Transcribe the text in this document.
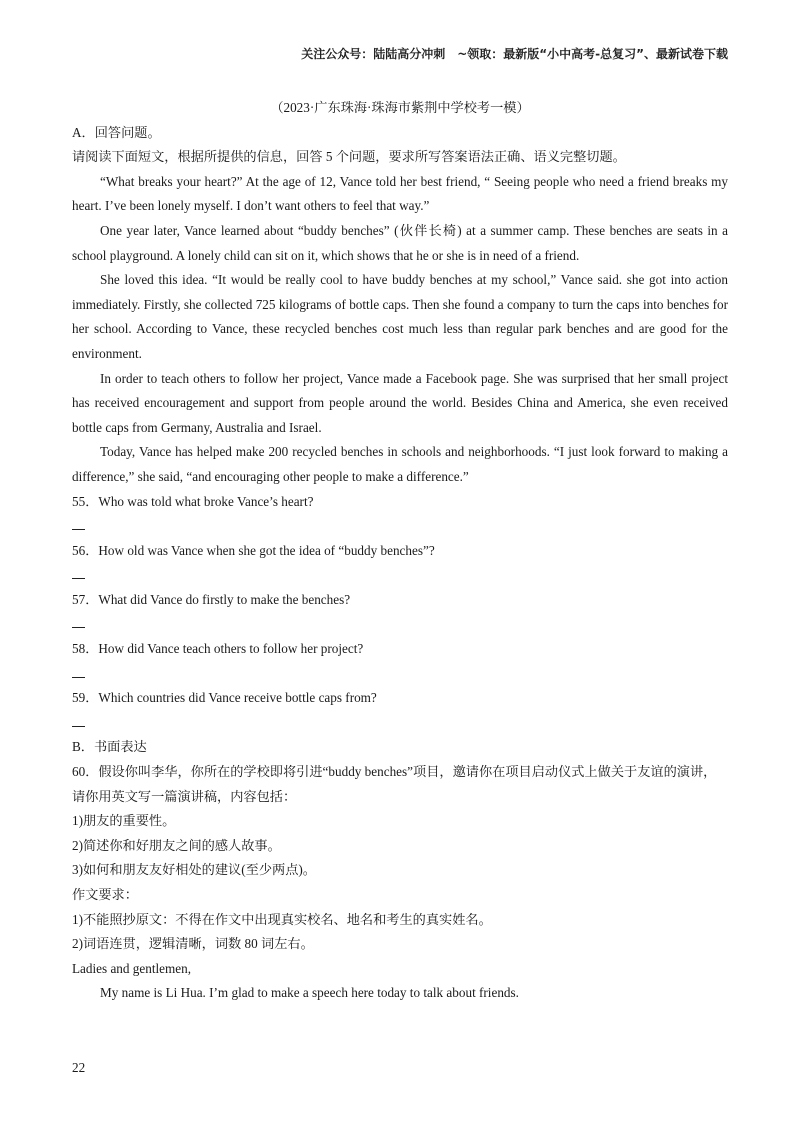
关注公众号：陆陆高分冲刺　~领取：最新版“小中高考-总复习”、最新试卷下载

（2023·广东珠海·珠海市紫荆中学校考一模）

A．回答问题。

请阅读下面短文，根据所提供的信息，回答 5 个问题，要求所写答案语法正确、语义完整切题。

“What breaks your heart?” At the age of 12, Vance told her best friend, “ Seeing people who need a friend breaks my heart. I’ve been lonely myself. I don’t want others to feel that way.”

One year later, Vance learned about “buddy benches” (伙伴长椅) at a summer camp. These benches are seats in a school playground. A lonely child can sit on it, which shows that he or she is in need of a friend.

She loved this idea. “It would be really cool to have buddy benches at my school,” Vance said. she got into action immediately. Firstly, she collected 725 kilograms of bottle caps. Then she found a company to turn the caps into benches for her school. According to Vance, these recycled benches cost much less than regular park benches and are good for the environment.

In order to teach others to follow her project, Vance made a Facebook page. She was surprised that her small project has received encouragement and support from people around the world. Besides China and America, she even received bottle caps from Germany, Australia and Israel.

Today, Vance has helped make 200 recycled benches in schools and neighborhoods. “I just look forward to making a difference,” she said, “and encouraging other people to make a difference.”

55．Who was told what broke Vance’s heart?

56．How old was Vance when she got the idea of “buddy benches”?

57．What did Vance do firstly to make the benches?

58．How did Vance teach others to follow her project?

59．Which countries did Vance receive bottle caps from?

B．书面表达

60．假设你叫李华，你所在的学校即将引进“buddy benches”项目，邀请你在项目启动仪式上做关于友谊的演讲，请你用英文写一篇演讲稿，内容包括：

1)朋友的重要性。

2)简述你和好朋友之间的感人故事。

3)如何和朋友友好相处的建议(至少两点)。

作文要求：

1)不能照抄原文：不得在作文中出现真实校名、地名和考生的真实姓名。

2)词语连贯，逻辑清晰，词数 80 词左右。

Ladies and gentlemen,

My name is Li Hua. I’m glad to make a speech here today to talk about friends.

22
